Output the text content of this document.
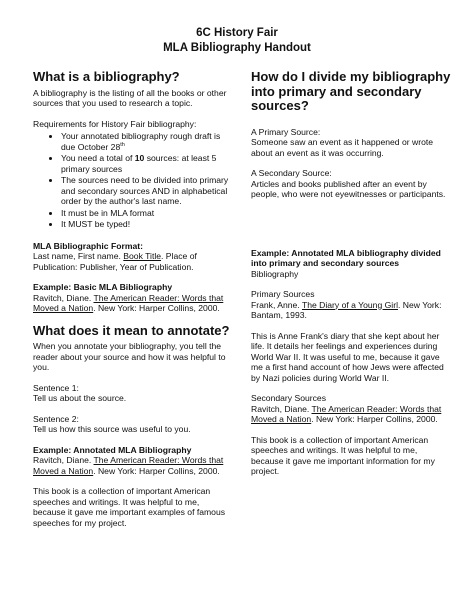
6C History Fair
MLA Bibliography Handout
What is a bibliography?

A bibliography is the listing of all the books or other sources that you used to research a topic.

Requirements for History Fair bibliography:

• Your annotated bibliography rough draft is due October 28th
• You need a total of 10 sources: at least 5 primary sources
• The sources need to be divided into primary and secondary sources AND in alphabetical order by the author's last name.
• It must be in MLA format
• It MUST be typed!

MLA Bibliographic Format:

Last name, First name. Book Title. Place of Publication: Publisher, Year of Publication.

Example: Basic MLA Bibliography

Ravitch, Diane. The American Reader: Words that Moved a Nation. New York: Harper Collins, 2000.

What does it mean to annotate?

When you annotate your bibliography, you tell the reader about your source and how it was helpful to you.

Sentence 1:

Tell us about the source.

Sentence 2:

Tell us how this source was useful to you.

Example: Annotated MLA Bibliography

Ravitch, Diane. The American Reader: Words that Moved a Nation. New York: Harper Collins, 2000.

This book is a collection of important American speeches and writings. It was helpful to me, because it gave me important examples of famous speeches for my project.

How do I divide my bibliography into primary and secondary sources?

A Primary Source:

Someone saw an event as it happened or wrote about an event as it was occurring.

A Secondary Source:

Articles and books published after an event by people, who were not eyewitnesses or participants.

Example: Annotated MLA bibliography divided into primary and secondary sources

Bibliography

Primary Sources

Frank, Anne. The Diary of a Young Girl. New York: Bantam, 1993.

This is Anne Frank's diary that she kept about her life. It details her feelings and experiences during World War II. It was useful to me, because it gave me a first hand account of how Jews were affected by Nazi policies during World War II.

Secondary Sources

Ravitch, Diane. The American Reader: Words that Moved a Nation. New York: Harper Collins, 2000.

This book is a collection of important American speeches and writings. It was helpful to me, because it gave me important information for my project.
